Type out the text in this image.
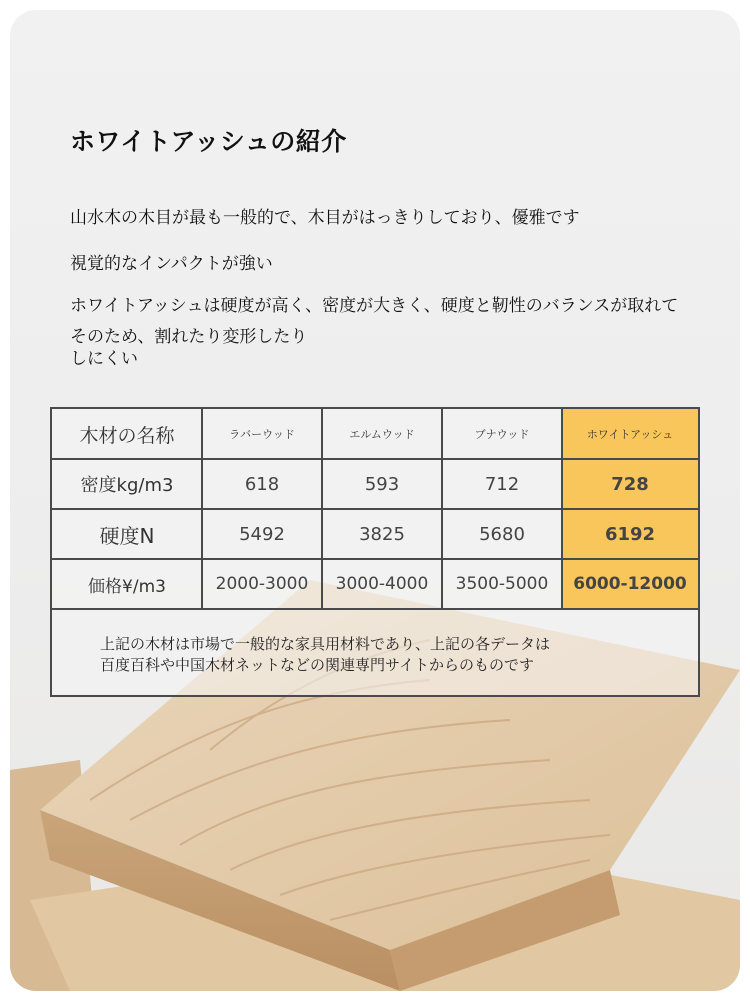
ホワイトアッシュの紹介
山水木の木目が最も一般的で、木目がはっきりしており、優雅です
視覚的なインパクトが強い
ホワイトアッシュは硬度が高く、密度が大きく、硬度と靭性のバランスが取れて
そのため、割れたり変形したり
しにくい
木材の名称	ラバーウッド	エルムウッド	ブナウッド	ホワイトアッシュ
密度kg/m3	618	593	712	728
硬度N	5492	3825	5680	6192
価格¥/m3	2000-3000	3000-4000	3500-5000	6000-12000
上記の木材は市場で一般的な家具用材料であり、上記の各データは
百度百科や中国木材ネットなどの関連専門サイトからのものです
